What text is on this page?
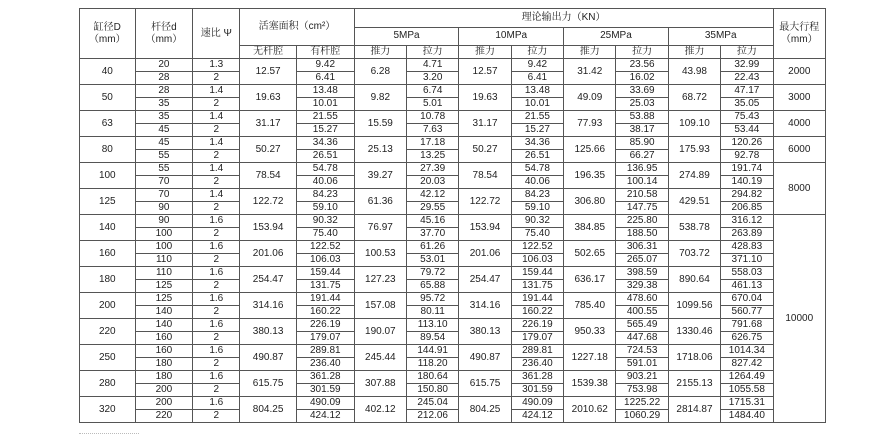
缸径D（mm）	杆径d（mm）	速比 Ψ	活塞面积（cm²）		理论输出力（KN）								最大行程（mm）
					5MPa		10MPa		25MPa		35MPa		
			无杆腔	有杆腔	推力	拉力	推力	拉力	推力	拉力	推力	拉力	
40	20	1.3	12.57	9.42	6.28	4.71	12.57	9.42	31.42	23.56	43.98	32.99	2000
	28	2		6.41		3.20		6.41		16.02		22.43	
50	28	1.4	19.63	13.48	9.82	6.74	19.63	13.48	49.09	33.69	68.72	47.17	3000
	35	2		10.01		5.01		10.01		25.03		35.05	
63	35	1.4	31.17	21.55	15.59	10.78	31.17	21.55	77.93	53.88	109.10	75.43	4000
	45	2		15.27		7.63		15.27		38.17		53.44	
80	45	1.4	50.27	34.36	25.13	17.18	50.27	34.36	125.66	85.90	175.93	120.26	6000
	55	2		26.51		13.25		26.51		66.27		92.78	
100	55	1.4	78.54	54.78	39.27	27.39	78.54	54.78	196.35	136.95	274.89	191.74	8000
	70	2		40.06		20.03		40.06		100.14		140.19	
125	70	1.4	122.72	84.23	61.36	42.12	122.72	84.23	306.80	210.58	429.51	294.82	
	90	2		59.10		29.55		59.10		147.75		206.85	
140	90	1.6	153.94	90.32	76.97	45.16	153.94	90.32	384.85	225.80	538.78	316.12	10000
	100	2		75.40		37.70		75.40		188.50		263.89	
160	100	1.6	201.06	122.52	100.53	61.26	201.06	122.52	502.65	306.31	703.72	428.83	
	110	2		106.03		53.01		106.03		265.07		371.10	
180	110	1.6	254.47	159.44	127.23	79.72	254.47	159.44	636.17	398.59	890.64	558.03	
	125	2		131.75		65.88		131.75		329.38		461.13	
200	125	1.6	314.16	191.44	157.08	95.72	314.16	191.44	785.40	478.60	1099.56	670.04	
	140	2		160.22		80.11		160.22		400.55		560.77	
220	140	1.6	380.13	226.19	190.07	113.10	380.13	226.19	950.33	565.49	1330.46	791.68	
	160	2		179.07		89.54		179.07		447.68		626.75	
250	160	1.6	490.87	289.81	245.44	144.91	490.87	289.81	1227.18	724.53	1718.06	1014.34	
	180	2		236.40		118.20		236.40		591.01		827.42	
280	180	1.6	615.75	361.28	307.88	180.64	615.75	361.28	1539.38	903.21	2155.13	1264.49	
	200	2		301.59		150.80		301.59		753.98		1055.58	
320	200	1.6	804.25	490.09	402.12	245.04	804.25	490.09	2010.62	1225.22	2814.87	1715.31	
	220	2		424.12		212.06		424.12		1060.29		1484.40	
